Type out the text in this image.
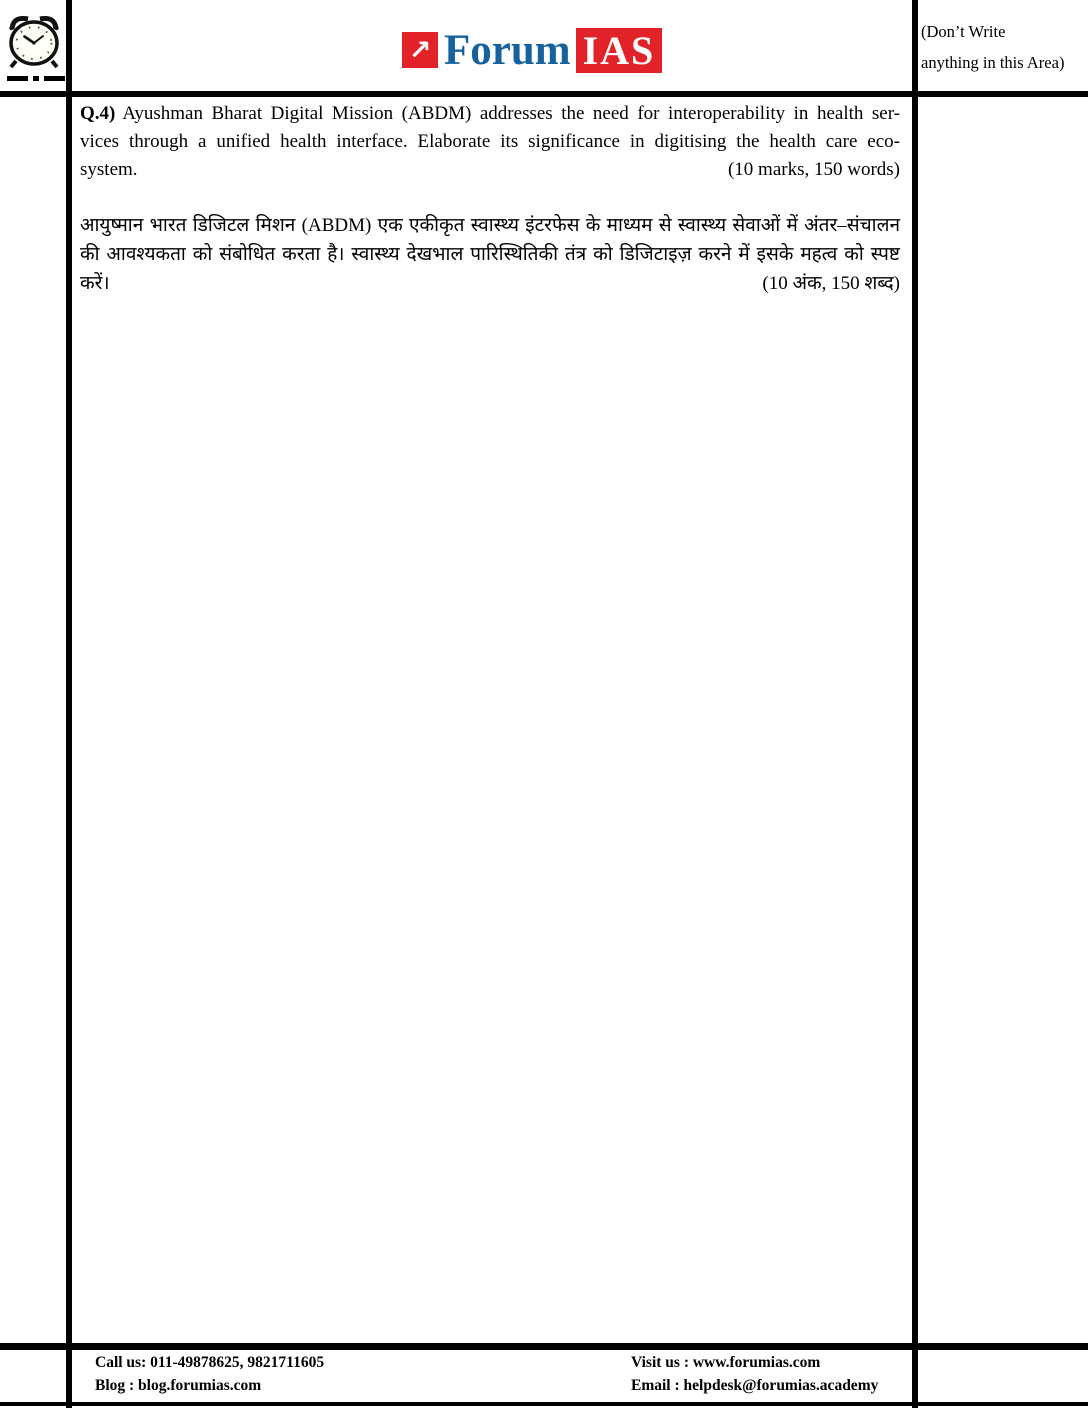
↗ Forum IAS	(Don’t Write
anything in this Area)
Q.4) Ayushman Bharat Digital Mission (ABDM) addresses the need for interoperability in health ser-
vices through a unified health interface. Elaborate its significance in digitising the health care eco-
system.	(10 marks, 150 words)
आयुष्मान भारत डिजिटल मिशन (ABDM) एक एकीकृत स्वास्थ्य इंटरफेस के माध्यम से स्वास्थ्य सेवाओं में अंतर–संचालन
की आवश्यकता को संबोधित करता है। स्वास्थ्य देखभाल पारिस्थितिकी तंत्र को डिजिटाइज़ करने में इसके महत्व को स्पष्ट
करें।	(10 अंक, 150 शब्द)
Call us: 011-49878625, 9821711605
Blog : blog.forumias.com
Visit us : www.forumias.com
Email : helpdesk@forumias.academy
